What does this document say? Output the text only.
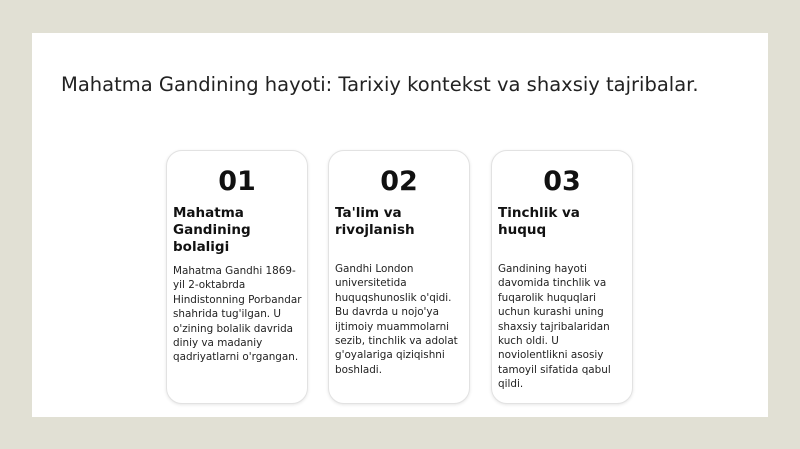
Mahatma Gandining hayoti: Tarixiy kontekst va shaxsiy tajribalar.
01
Mahatma Gandining bolaligi
Mahatma Gandhi 1869-yil 2-oktabrda Hindistonning Porbandar shahrida tug'ilgan. U o'zining bolalik davrida diniy va madaniy qadriyatlarni o'rgangan.
02
Ta'lim va rivojlanish
Gandhi London universitetida huquqshunoslik o'qidi. Bu davrda u nojo'ya ijtimoiy muammolarni sezib, tinchlik va adolat g'oyalariga qiziqishni boshladi.
03
Tinchlik va huquq
Gandining hayoti davomida tinchlik va fuqarolik huquqlari uchun kurashi uning shaxsiy tajribalaridan kuch oldi. U noviolentlikni asosiy tamoyil sifatida qabul qildi.
